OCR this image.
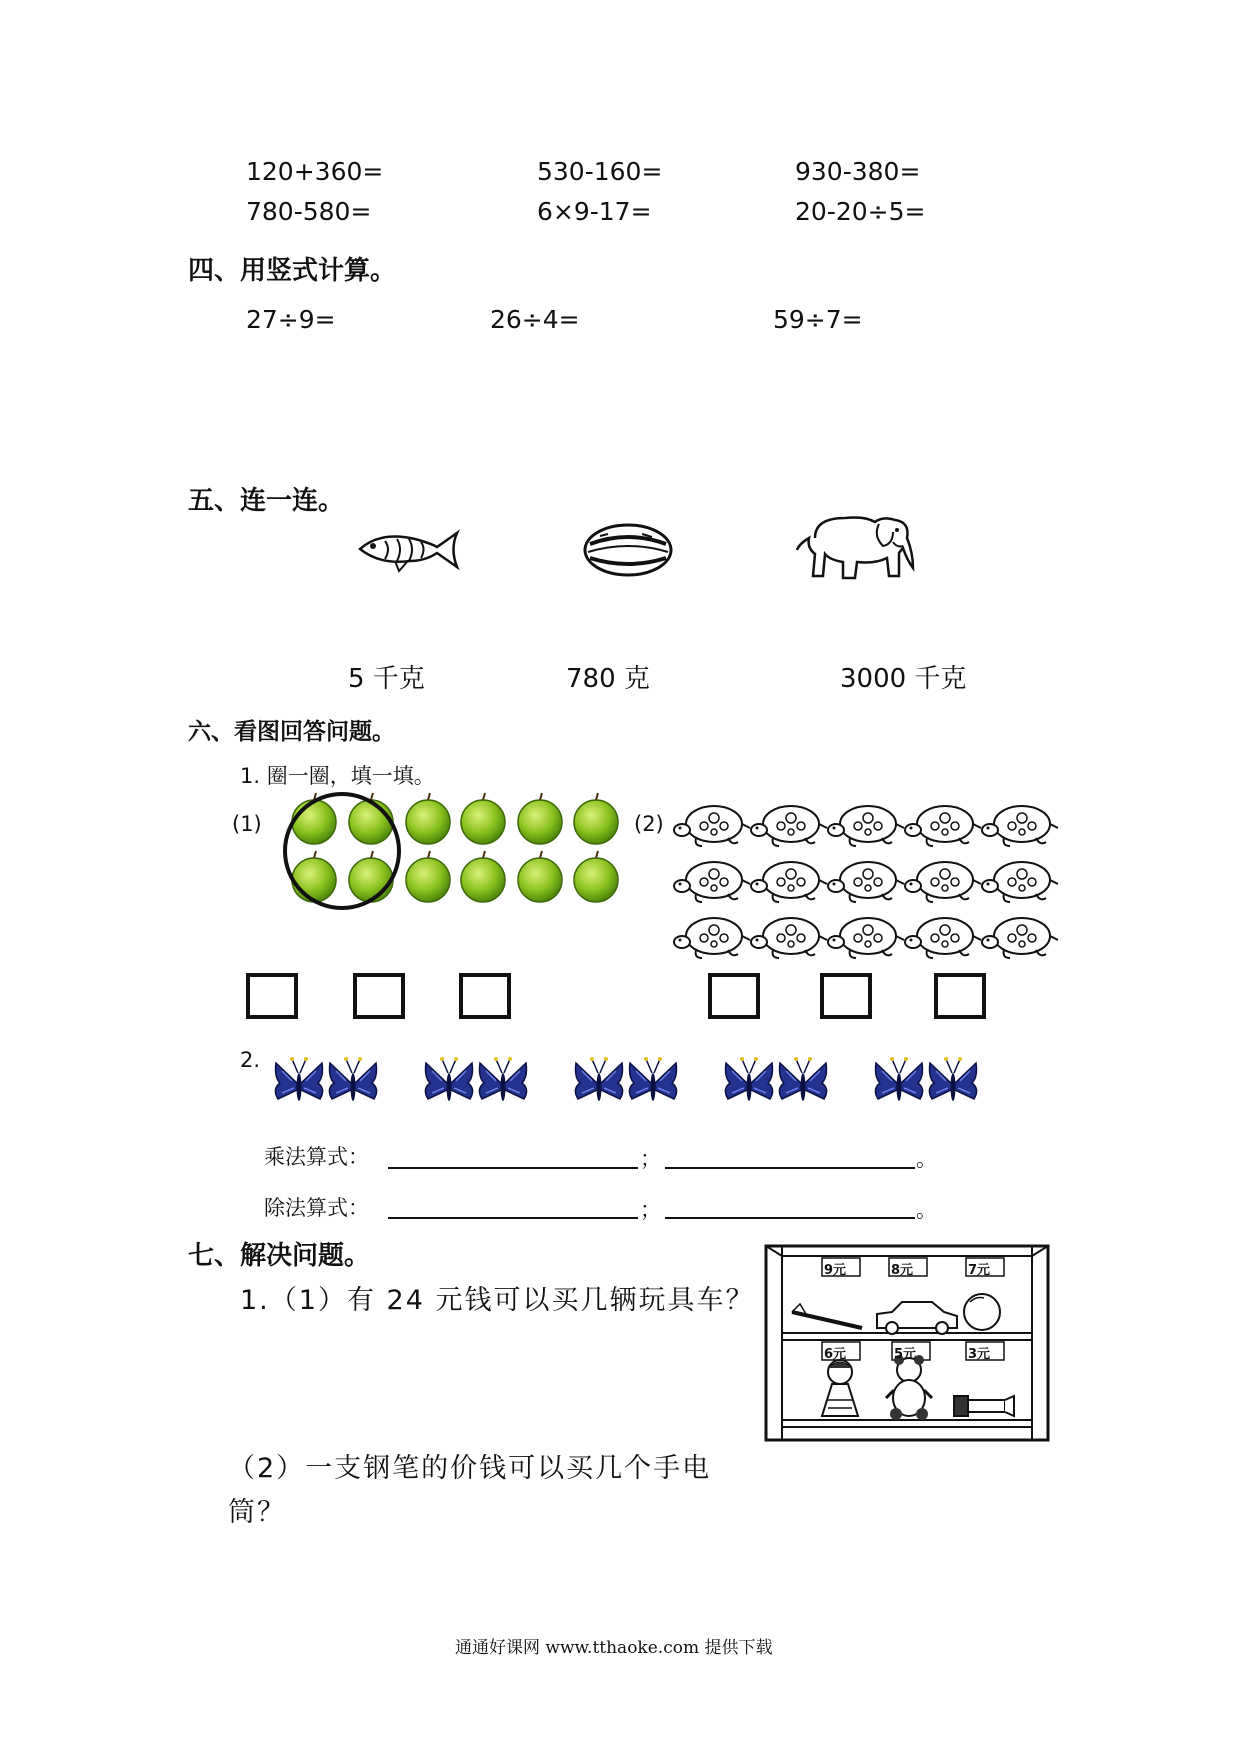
120+360=	530-160=	930-380=
780-580=	6×9-17=	20-20÷5=
四、用竖式计算。
27÷9=	26÷4=	59÷7=
五、连一连。
5 千克	780 克	3000 千克
六、看图回答问题。
1. 圈一圈，填一填。
(1)	(2)
2.
乘法算式：	；	。
除法算式：	；	。
七、解决问题。
1.（1）有 24 元钱可以买几辆玩具车？
（2）一支钢笔的价钱可以买几个手电
筒？
9元	8元	7元
6元	5元	3元
通通好课网 www.tthaoke.com 提供下载
